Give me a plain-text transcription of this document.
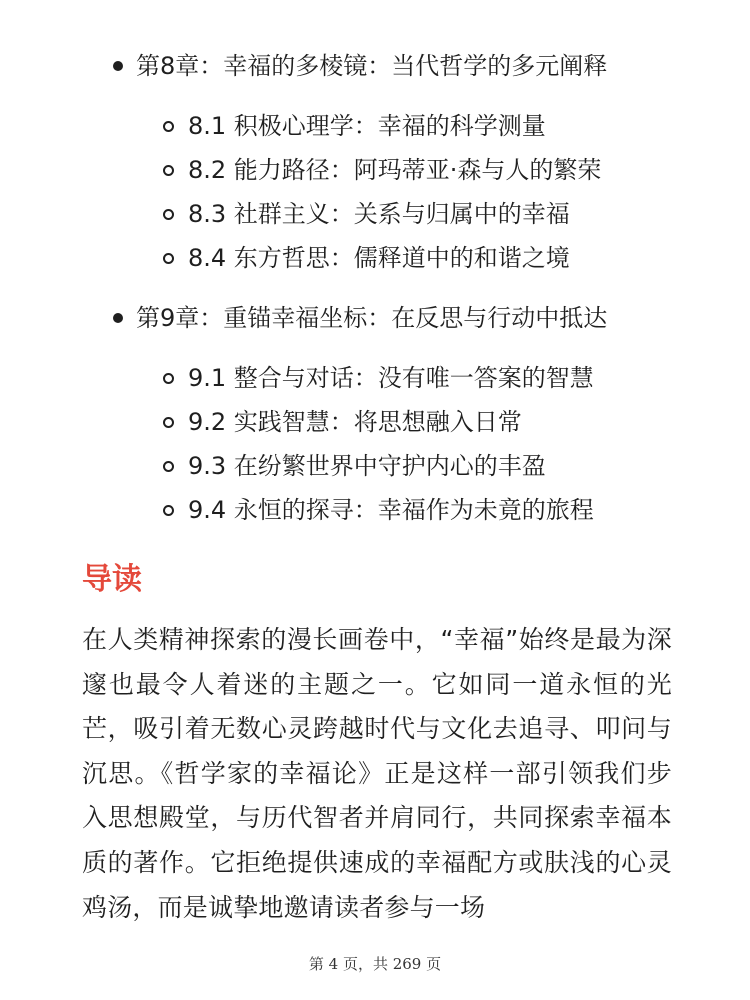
第8章：幸福的多棱镜：当代哲学的多元阐释
8.1 积极心理学：幸福的科学测量
8.2 能力路径：阿玛蒂亚·森与人的繁荣
8.3 社群主义：关系与归属中的幸福
8.4 东方哲思：儒释道中的和谐之境
第9章：重锚幸福坐标：在反思与行动中抵达
9.1 整合与对话：没有唯一答案的智慧
9.2 实践智慧：将思想融入日常
9.3 在纷繁世界中守护内心的丰盈
9.4 永恒的探寻：幸福作为未竟的旅程
导读

在人类精神探索的漫长画卷中，“幸福”始终是最为深邃也最令人着迷的主题之一。它如同一道永恒的光芒，吸引着无数心灵跨越时代与文化去追寻、叩问与沉思。《哲学家的幸福论》正是这样一部引领我们步入思想殿堂，与历代智者并肩同行，共同探索幸福本质的著作。它拒绝提供速成的幸福配方或肤浅的心灵鸡汤，而是诚挚地邀请读者参与一场

第 4 页，共 269 页
